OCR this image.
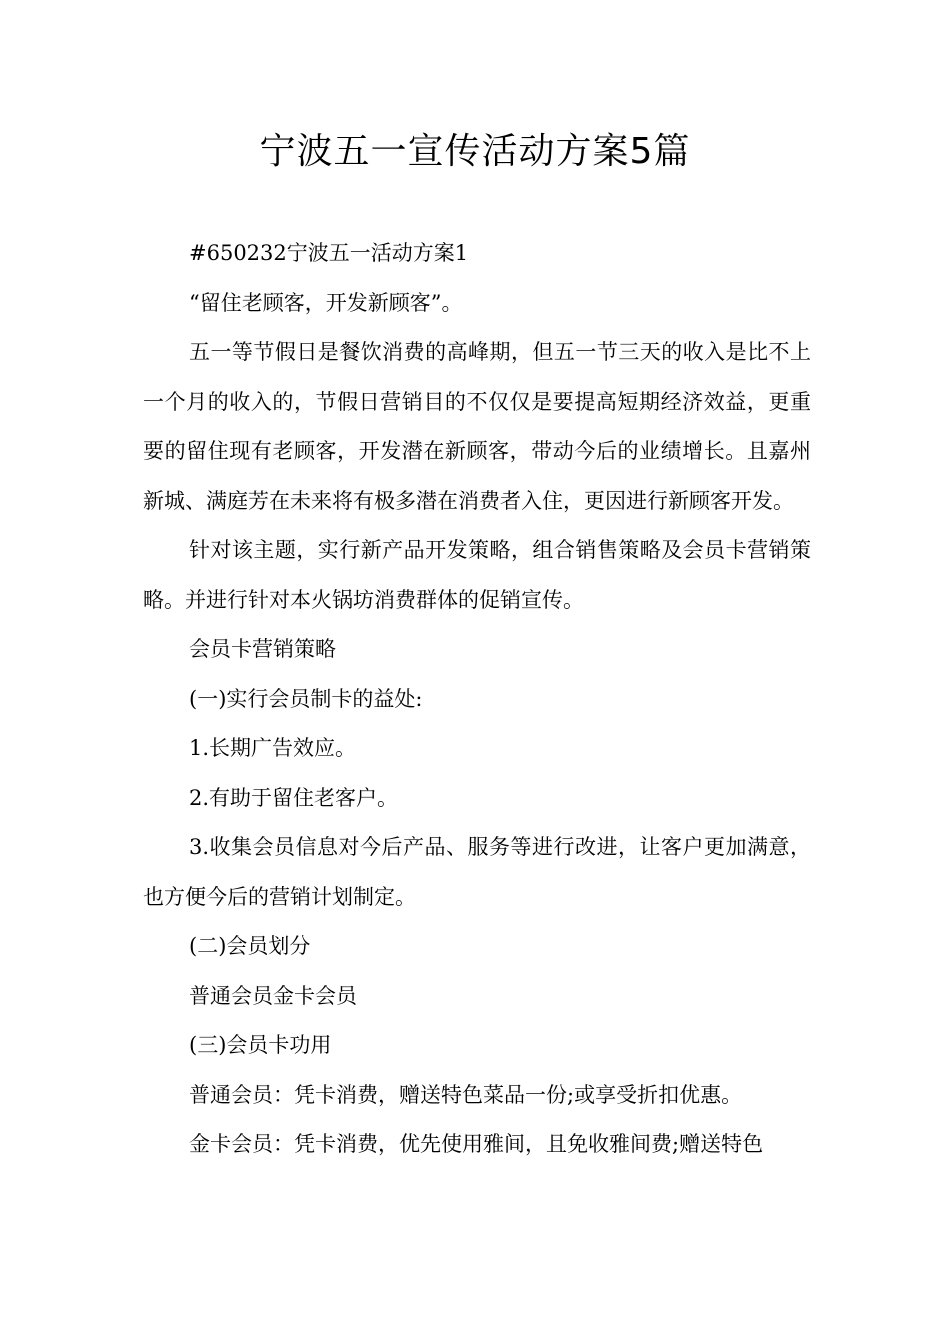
宁波五一宣传活动方案5篇

#650232宁波五一活动方案1

“留住老顾客，开发新顾客”。

五一等节假日是餐饮消费的高峰期，但五一节三天的收入是比不上一个月的收入的，节假日营销目的不仅仅是要提高短期经济效益，更重要的留住现有老顾客，开发潜在新顾客，带动今后的业绩增长。且嘉州新城、满庭芳在未来将有极多潜在消费者入住，更因进行新顾客开发。

针对该主题，实行新产品开发策略，组合销售策略及会员卡营销策略。并进行针对本火锅坊消费群体的促销宣传。

会员卡营销策略

(一)实行会员制卡的益处:

1.长期广告效应。

2.有助于留住老客户。

3.收集会员信息对今后产品、服务等进行改进，让客户更加满意，也方便今后的营销计划制定。

(二)会员划分

普通会员金卡会员

(三)会员卡功用

普通会员：凭卡消费，赠送特色菜品一份;或享受折扣优惠。

金卡会员：凭卡消费，优先使用雅间，且免收雅间费;赠送特色
